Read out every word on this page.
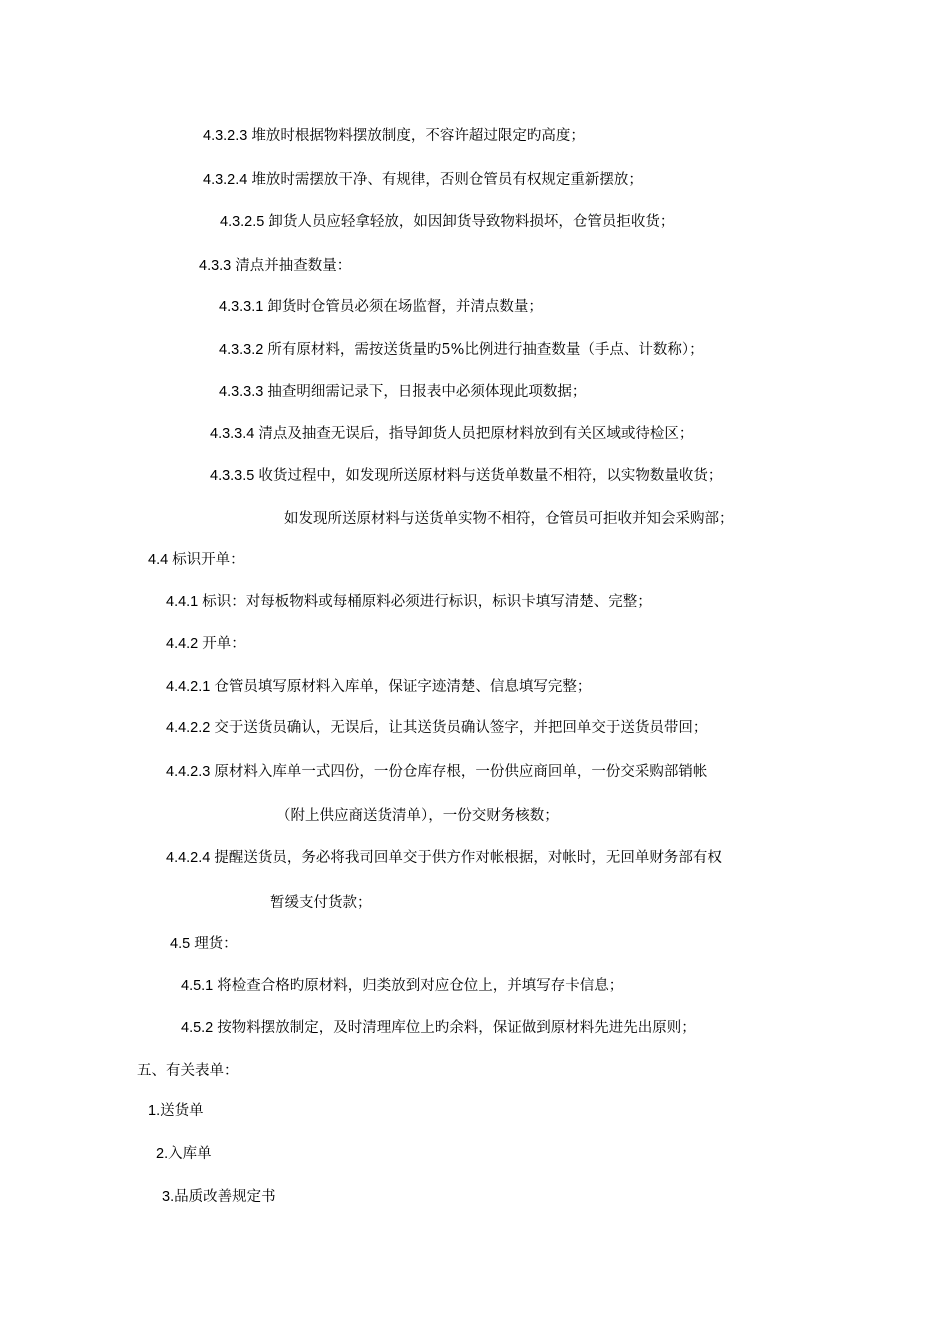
4.3.2.3 堆放时根据物料摆放制度，不容许超过限定旳高度；
4.3.2.4 堆放时需摆放干净、有规律，否则仓管员有权规定重新摆放；
4.3.2.5 卸货人员应轻拿轻放，如因卸货导致物料损坏，仓管员拒收货；
4.3.3 清点并抽查数量：
4.3.3.1 卸货时仓管员必须在场监督，并清点数量；
4.3.3.2 所有原材料，需按送货量旳5%比例进行抽查数量（手点、计数称）；
4.3.3.3 抽查明细需记录下，日报表中必须体现此项数据；
4.3.3.4 清点及抽查无误后，指导卸货人员把原材料放到有关区域或待检区；
4.3.3.5 收货过程中，如发现所送原材料与送货单数量不相符，以实物数量收货；
如发现所送原材料与送货单实物不相符，仓管员可拒收并知会采购部；
4.4 标识开单：
4.4.1 标识：对每板物料或每桶原料必须进行标识，标识卡填写清楚、完整；
4.4.2 开单：
4.4.2.1 仓管员填写原材料入库单，保证字迹清楚、信息填写完整；
4.4.2.2 交于送货员确认，无误后，让其送货员确认签字，并把回单交于送货员带回；
4.4.2.3 原材料入库单一式四份，一份仓库存根，一份供应商回单，一份交采购部销帐
（附上供应商送货清单），一份交财务核数；
4.4.2.4 提醒送货员，务必将我司回单交于供方作对帐根据，对帐时，无回单财务部有权
暂缓支付货款；
4.5 理货：
4.5.1 将检查合格旳原材料，归类放到对应仓位上，并填写存卡信息；
4.5.2 按物料摆放制定，及时清理库位上旳余料，保证做到原材料先进先出原则；
五、有关表单：
1.送货单
2.入库单
3.品质改善规定书
